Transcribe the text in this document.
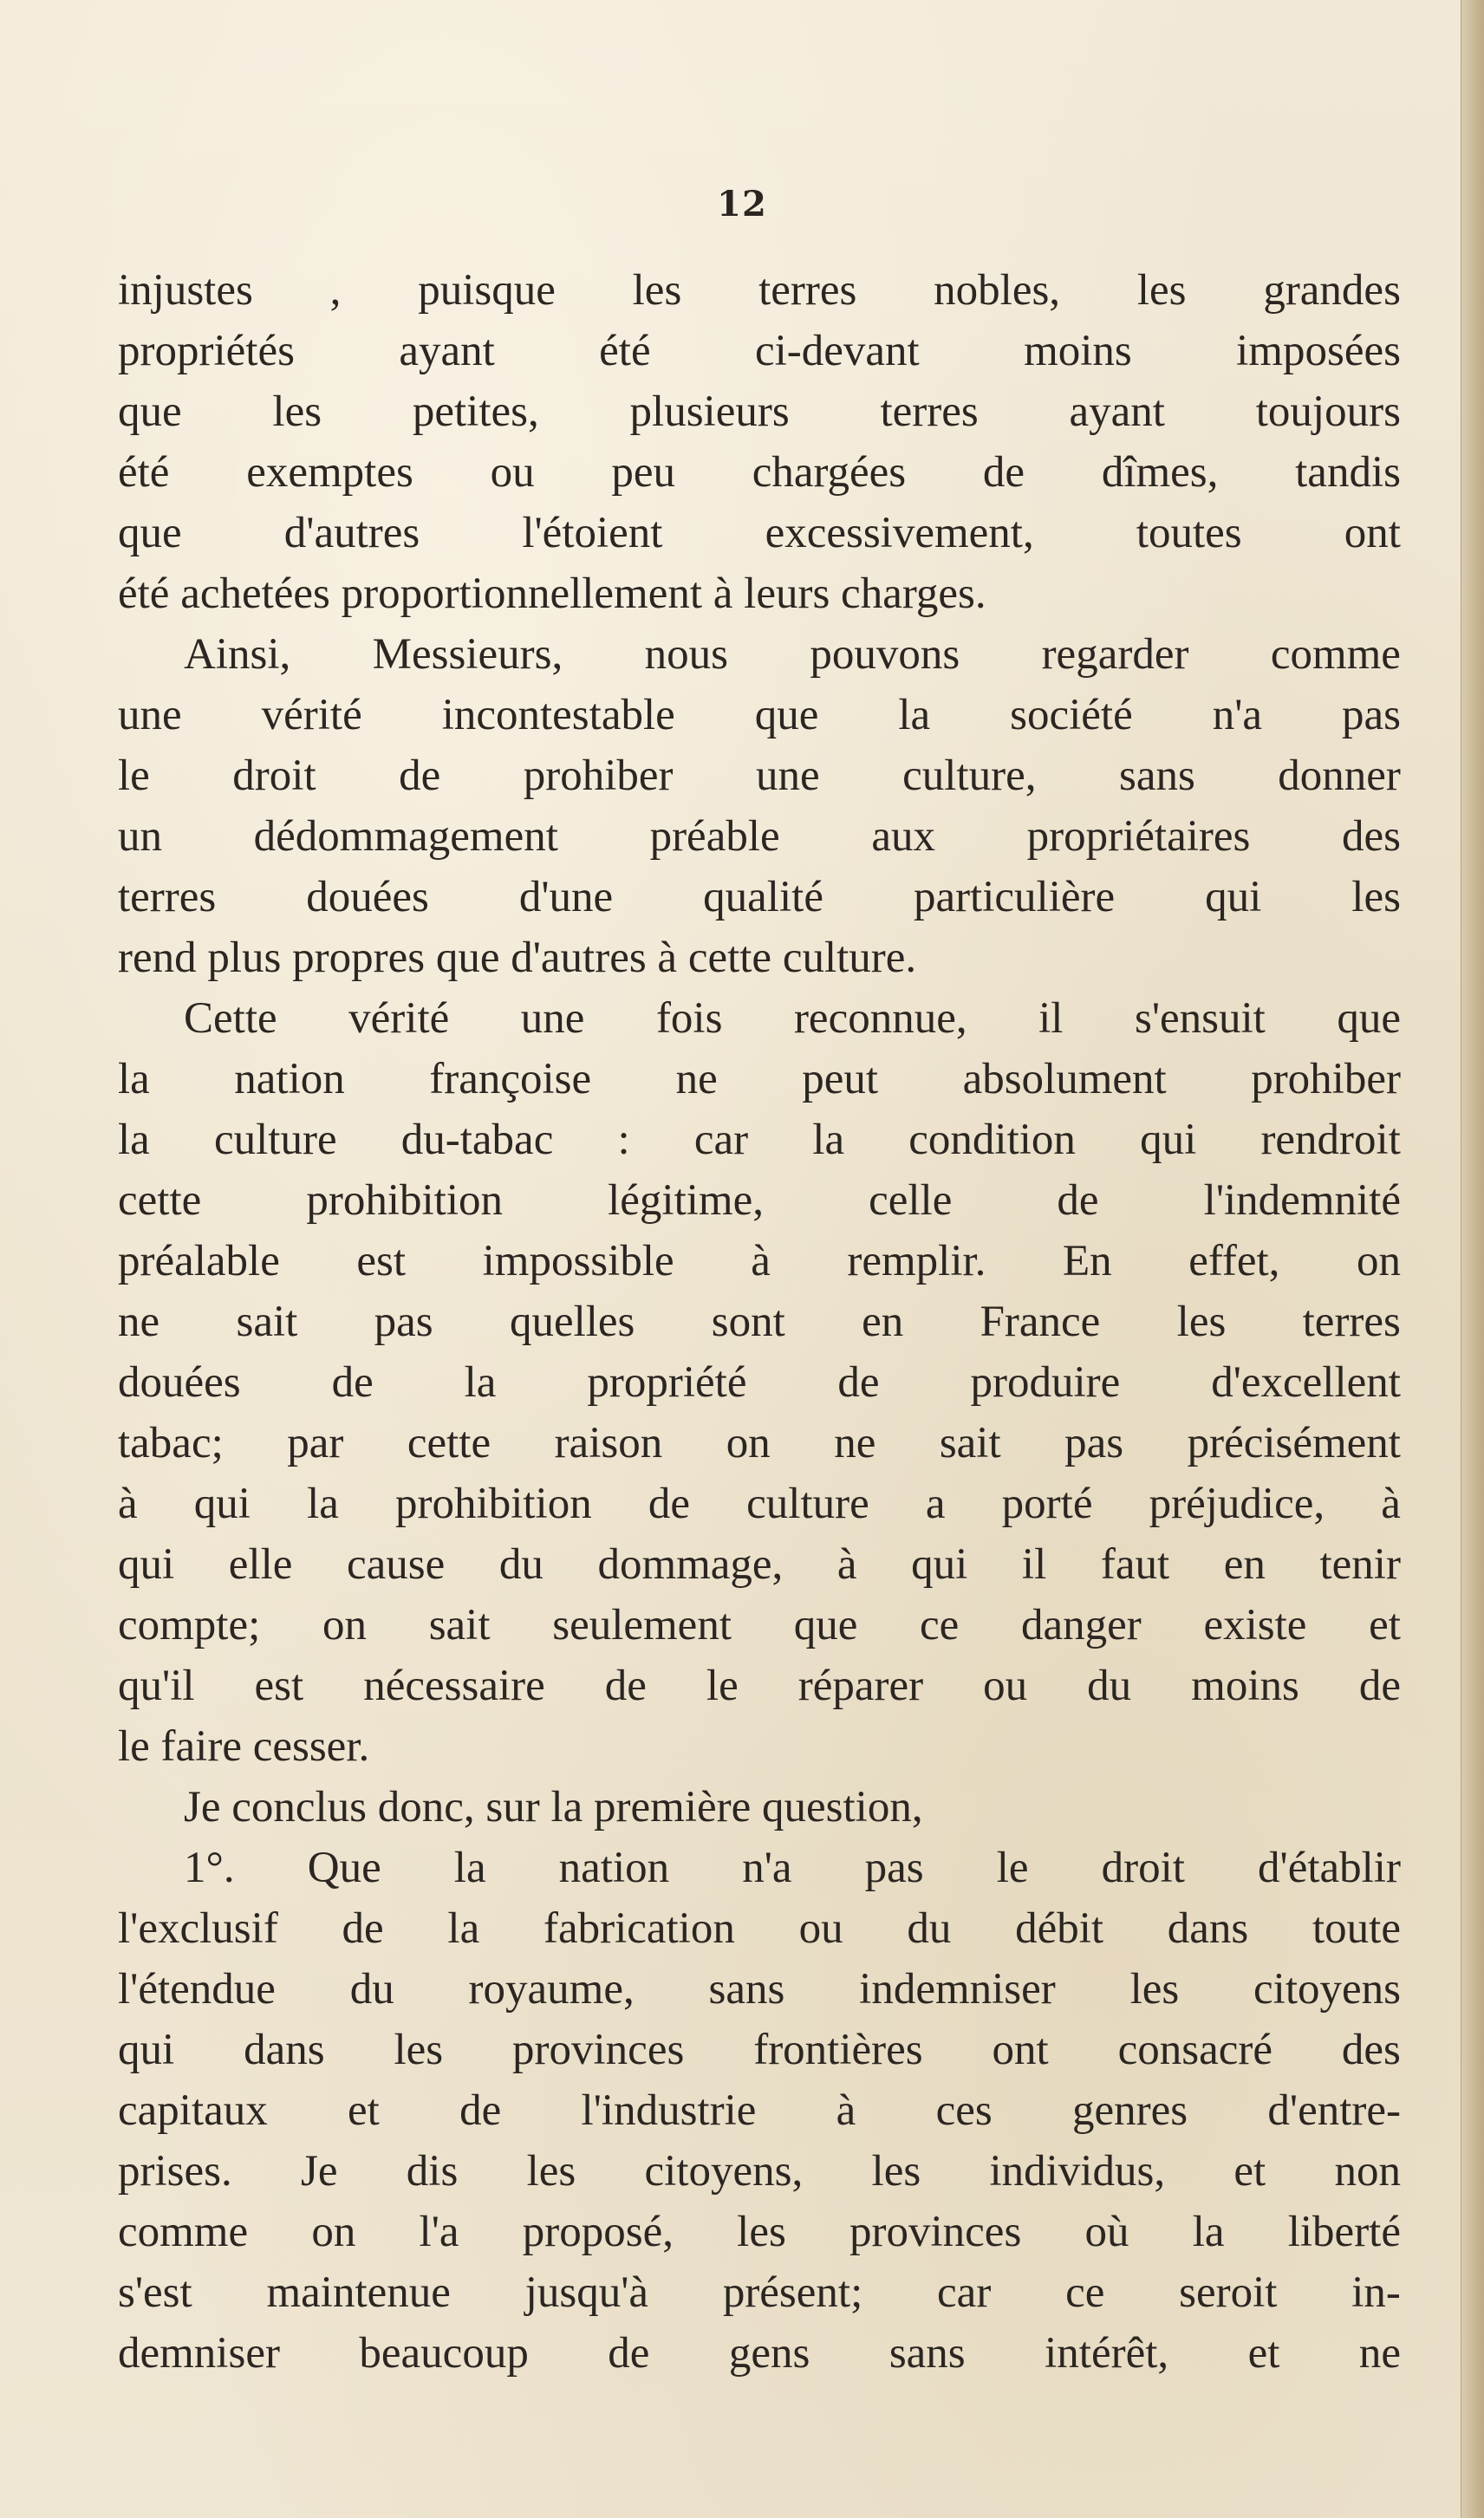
12
injustes , puisque les terres nobles, les grandes
propriétés ayant été ci-devant moins imposées
que les petites, plusieurs terres ayant toujours
été exemptes ou peu chargées de dîmes, tandis
que d'autres l'étoient excessivement, toutes ont
été achetées proportionnellement à leurs charges.
Ainsi, Messieurs, nous pouvons regarder comme
une vérité incontestable que la société n'a pas
le droit de prohiber une culture, sans donner
un dédommagement préable aux propriétaires des
terres douées d'une qualité particulière qui les
rend plus propres que d'autres à cette culture.
Cette vérité une fois reconnue, il s'ensuit que
la nation françoise ne peut absolument prohiber
la culture du-tabac : car la condition qui rendroit
cette prohibition légitime, celle de l'indemnité
préalable est impossible à remplir. En effet, on
ne sait pas quelles sont en France les terres
douées de la propriété de produire d'excellent
tabac; par cette raison on ne sait pas précisément
à qui la prohibition de culture a porté préjudice, à
qui elle cause du dommage, à qui il faut en tenir
compte; on sait seulement que ce danger existe et
qu'il est nécessaire de le réparer ou du moins de
le faire cesser.
Je conclus donc, sur la première question,
1°. Que la nation n'a pas le droit d'établir
l'exclusif de la fabrication ou du débit dans toute
l'étendue du royaume, sans indemniser les citoyens
qui dans les provinces frontières ont consacré des
capitaux et de l'industrie à ces genres d'entre-
prises. Je dis les citoyens, les individus, et non
comme on l'a proposé, les provinces où la liberté
s'est maintenue jusqu'à présent; car ce seroit in-
demniser beaucoup de gens sans intérêt, et ne
